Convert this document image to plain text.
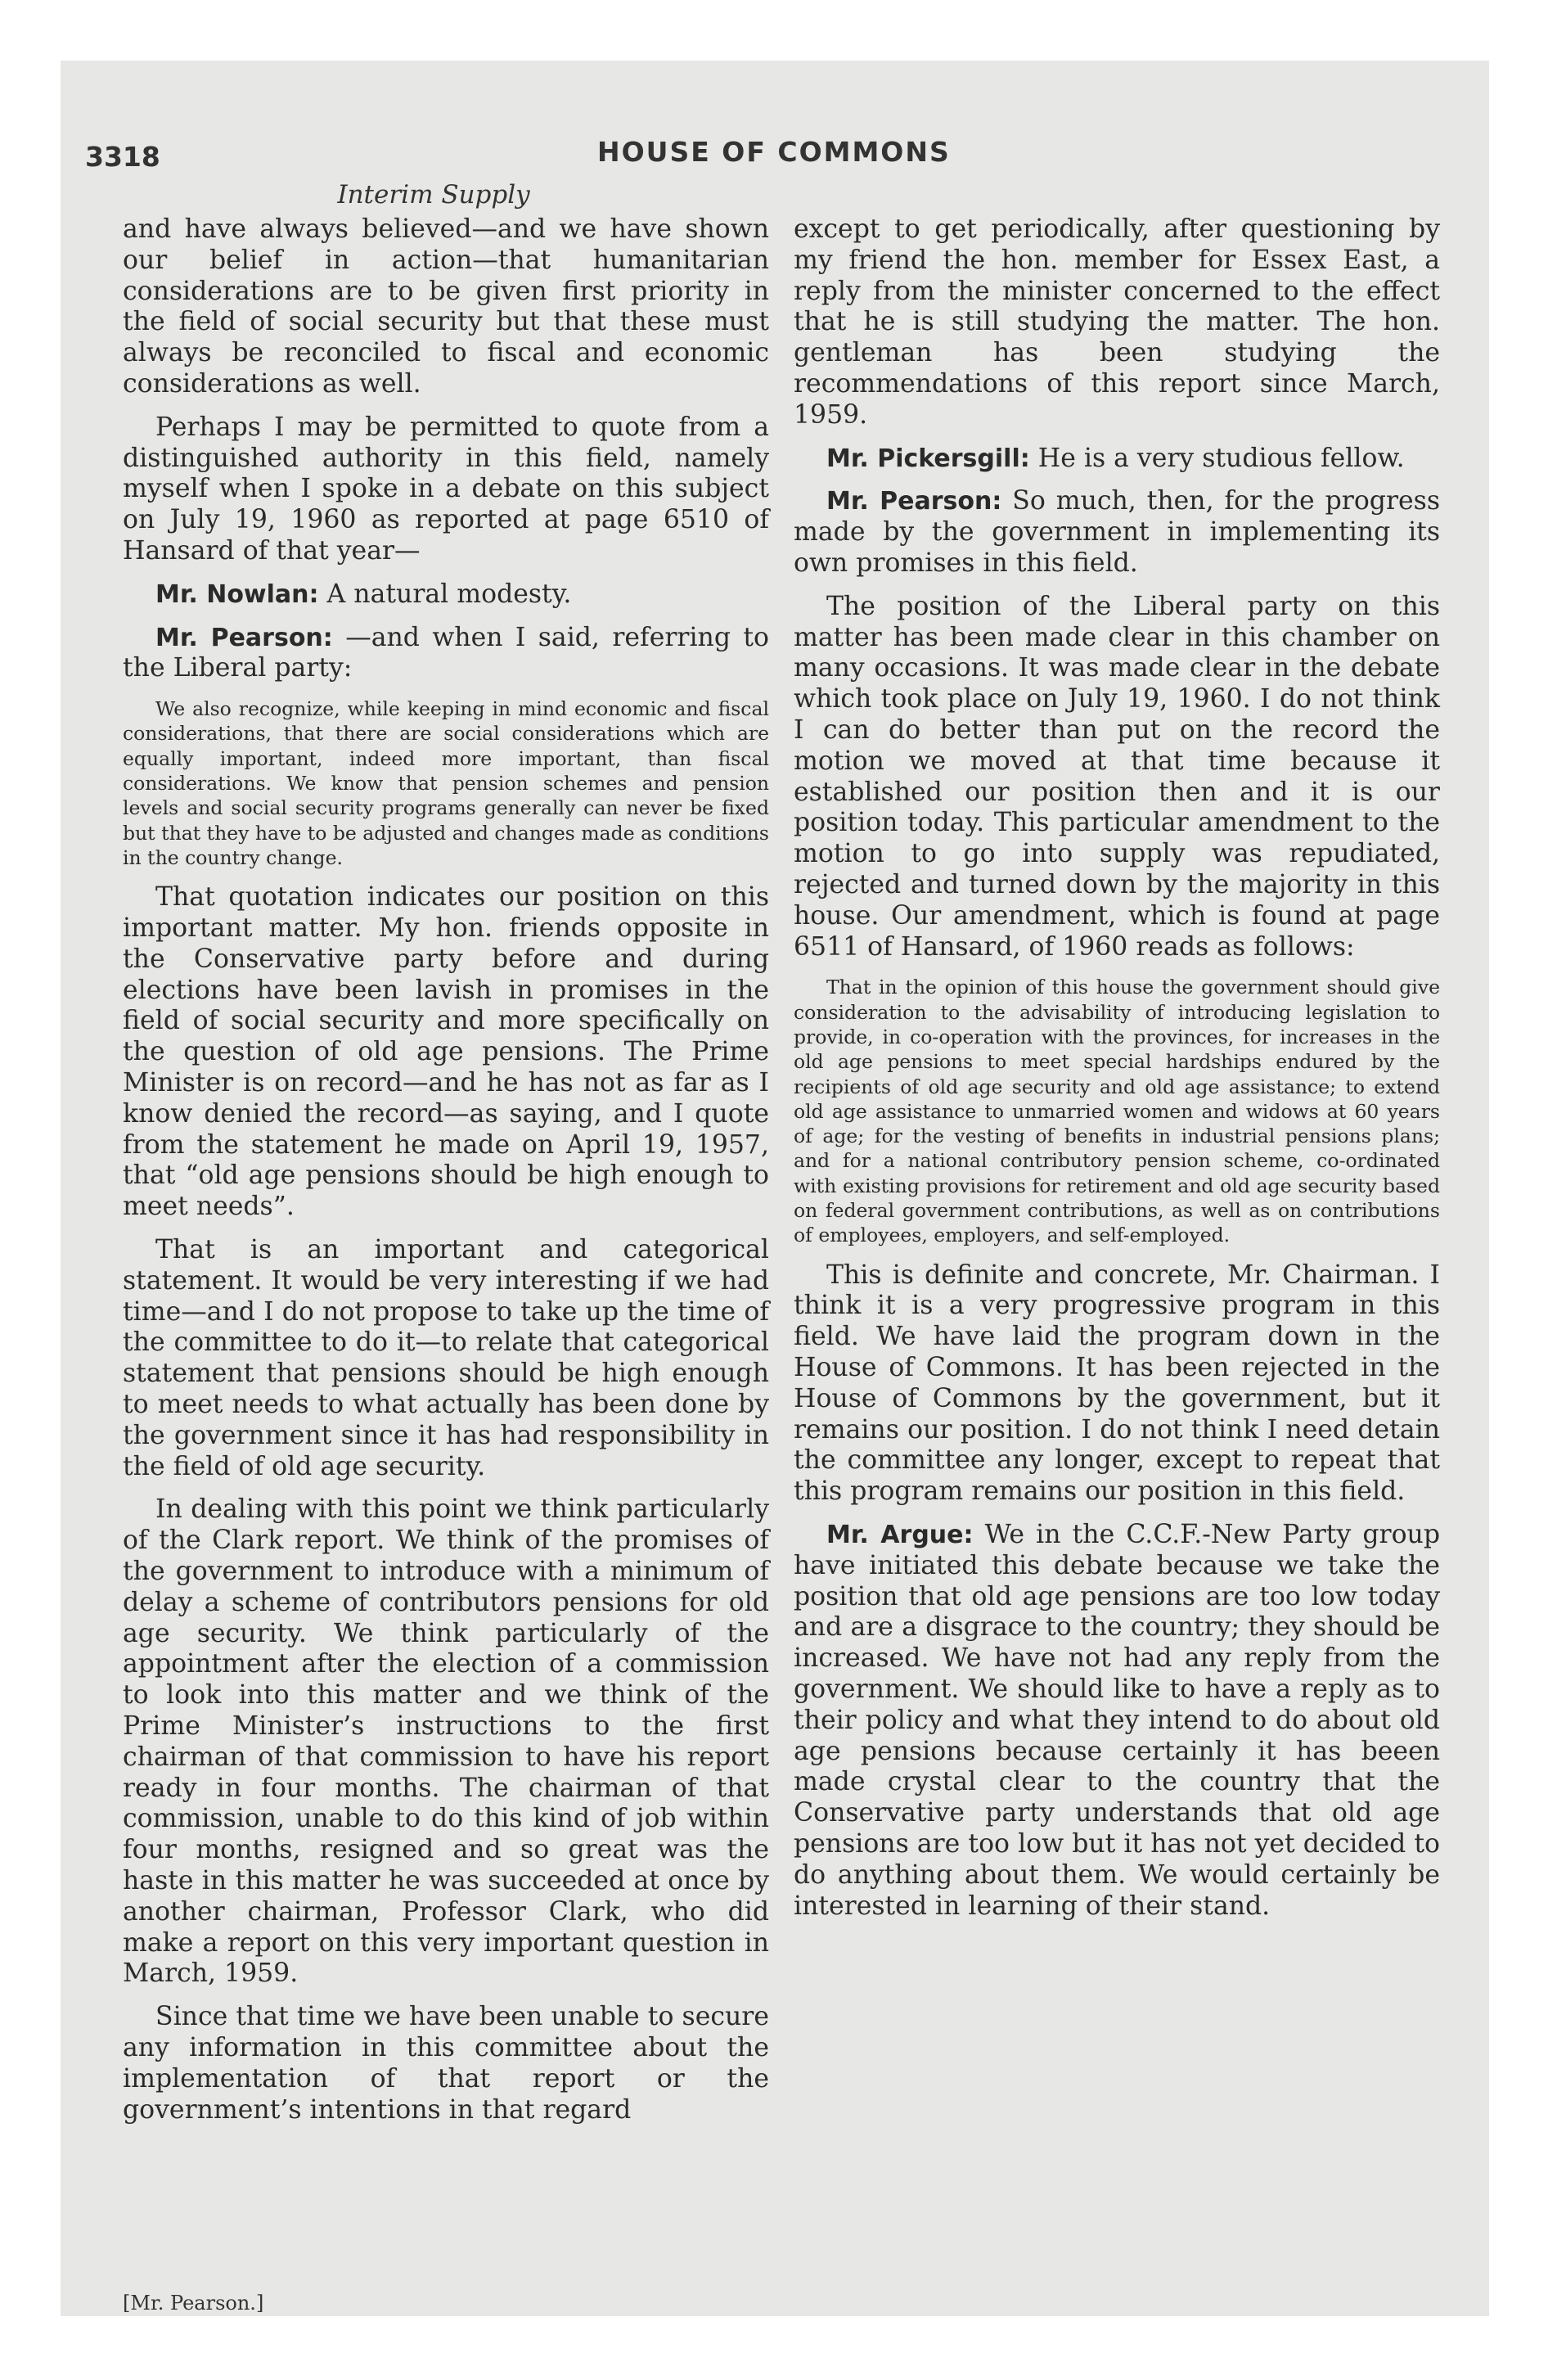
3318	HOUSE OF COMMONS
Interim Supply

and have always believed—and we have shown our belief in action—that humanitarian considerations are to be given first priority in the field of social security but that these must always be reconciled to fiscal and economic considerations as well.

Perhaps I may be permitted to quote from a distinguished authority in this field, namely myself when I spoke in a debate on this subject on July 19, 1960 as reported at page 6510 of Hansard of that year—

Mr. Nowlan: A natural modesty.

Mr. Pearson: —and when I said, referring to the Liberal party:

We also recognize, while keeping in mind economic and fiscal considerations, that there are social considerations which are equally important, indeed more important, than fiscal considerations. We know that pension schemes and pension levels and social security programs generally can never be fixed but that they have to be adjusted and changes made as conditions in the country change.

That quotation indicates our position on this important matter. My hon. friends opposite in the Conservative party before and during elections have been lavish in promises in the field of social security and more specifically on the question of old age pensions. The Prime Minister is on record—and he has not as far as I know denied the record—as saying, and I quote from the statement he made on April 19, 1957, that “old age pensions should be high enough to meet needs”.

That is an important and categorical statement. It would be very interesting if we had time—and I do not propose to take up the time of the committee to do it—to relate that categorical statement that pensions should be high enough to meet needs to what actually has been done by the government since it has had responsibility in the field of old age security.

In dealing with this point we think particularly of the Clark report. We think of the promises of the government to introduce with a minimum of delay a scheme of contributors pensions for old age security. We think particularly of the appointment after the election of a commission to look into this matter and we think of the Prime Minister’s instructions to the first chairman of that commission to have his report ready in four months. The chairman of that commission, unable to do this kind of job within four months, resigned and so great was the haste in this matter he was succeeded at once by another chairman, Professor Clark, who did make a report on this very important question in March, 1959.

Since that time we have been unable to secure any information in this committee about the implementation of that report or the government’s intentions in that regard

except to get periodically, after questioning by my friend the hon. member for Essex East, a reply from the minister concerned to the effect that he is still studying the matter. The hon. gentleman has been studying the recommendations of this report since March, 1959.

Mr. Pickersgill: He is a very studious fellow.

Mr. Pearson: So much, then, for the progress made by the government in implementing its own promises in this field.

The position of the Liberal party on this matter has been made clear in this chamber on many occasions. It was made clear in the debate which took place on July 19, 1960. I do not think I can do better than put on the record the motion we moved at that time because it established our position then and it is our position today. This particular amendment to the motion to go into supply was repudiated, rejected and turned down by the majority in this house. Our amendment, which is found at page 6511 of Hansard, of 1960 reads as follows:

That in the opinion of this house the government should give consideration to the advisability of introducing legislation to provide, in co-operation with the provinces, for increases in the old age pensions to meet special hardships endured by the recipients of old age security and old age assistance; to extend old age assistance to unmarried women and widows at 60 years of age; for the vesting of benefits in industrial pensions plans; and for a national contributory pension scheme, co-ordinated with existing provisions for retirement and old age security based on federal government contributions, as well as on contributions of employees, employers, and self-employed.

This is definite and concrete, Mr. Chairman. I think it is a very progressive program in this field. We have laid the program down in the House of Commons. It has been rejected in the House of Commons by the government, but it remains our position. I do not think I need detain the committee any longer, except to repeat that this program remains our position in this field.

Mr. Argue: We in the C.C.F.-New Party group have initiated this debate because we take the position that old age pensions are too low today and are a disgrace to the country; they should be increased. We have not had any reply from the government. We should like to have a reply as to their policy and what they intend to do about old age pensions because certainly it has beeen made crystal clear to the country that the Conservative party understands that old age pensions are too low but it has not yet decided to do anything about them. We would certainly be interested in learning of their stand.

[Mr. Pearson.]
